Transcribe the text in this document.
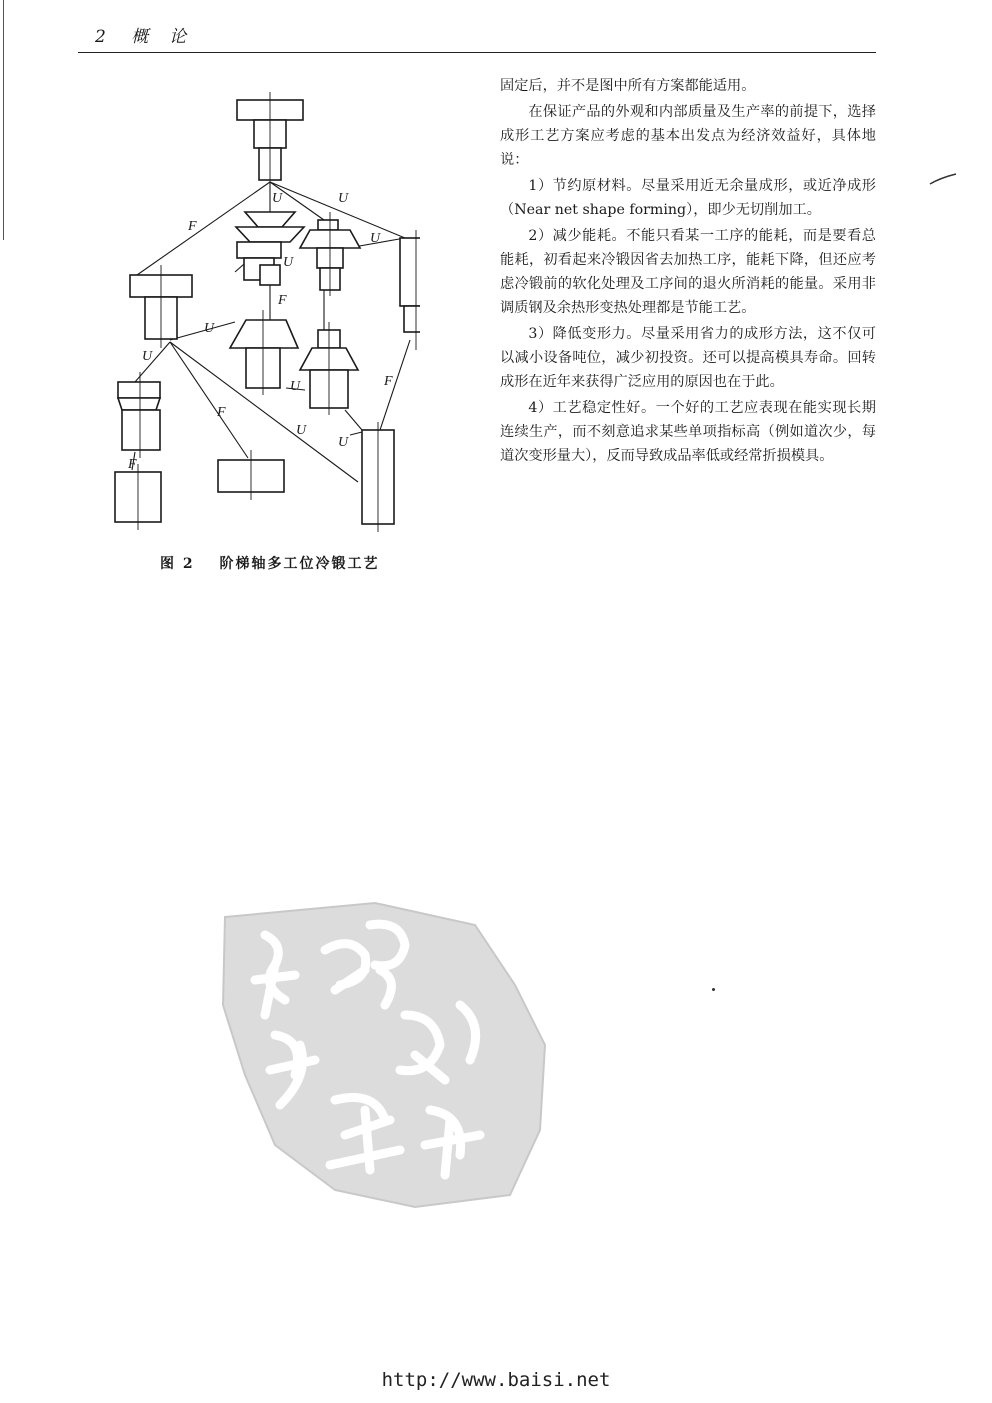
2 概　论
F
U	U
U
U
F
U
U
U	F
F
U
U
F
图 2 阶梯轴多工位冷锻工艺

固定后，并不是图中所有方案都能适用。

在保证产品的外观和内部质量及生产率的前提下，选择成形工艺方案应考虑的基本出发点为经济效益好，具体地说：

1）节约原材料。尽量采用近无余量成形，或近净成形（Near net shape forming），即少无切削加工。

2）减少能耗。不能只看某一工序的能耗，而是要看总能耗，初看起来冷锻因省去加热工序，能耗下降，但还应考虑冷锻前的软化处理及工序间的退火所消耗的能量。采用非调质钢及余热形变热处理都是节能工艺。

3）降低变形力。尽量采用省力的成形方法，这不仅可以减小设备吨位，减少初投资。还可以提高模具寿命。回转成形在近年来获得广泛应用的原因也在于此。

4）工艺稳定性好。一个好的工艺应表现在能实现长期连续生产，而不刻意追求某些单项指标高（例如道次少，每道次变形量大），反而导致成品率低或经常折损模具。

http://www.baisi.net
